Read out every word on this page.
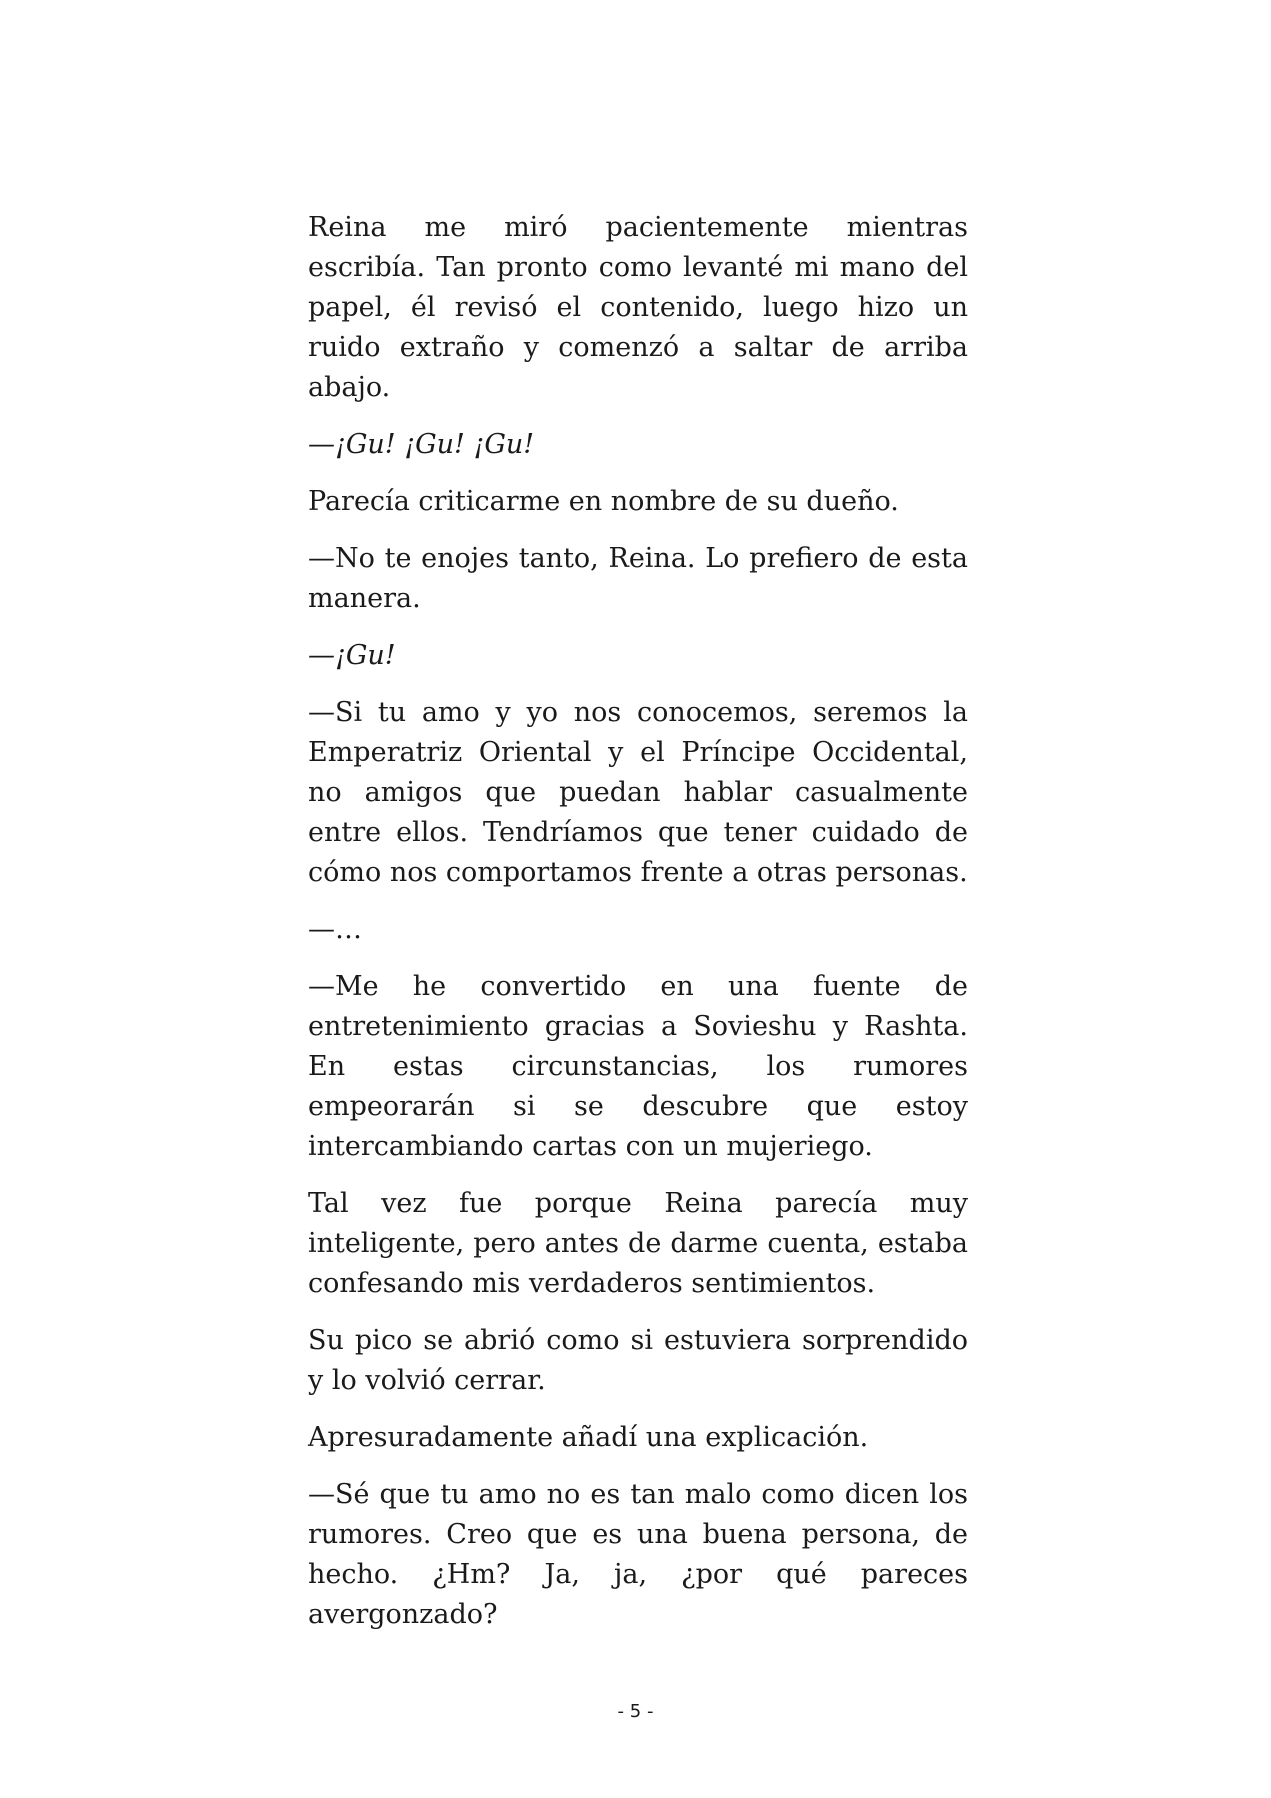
Reina me miró pacientemente mientras escribía. Tan pronto como levanté mi mano del papel, él revisó el contenido, luego hizo un ruido extraño y comenzó a saltar de arriba abajo.

—¡Gu! ¡Gu! ¡Gu!

Parecía criticarme en nombre de su dueño.

—No te enojes tanto, Reina. Lo prefiero de esta manera.

—¡Gu!

—Si tu amo y yo nos conocemos, seremos la Emperatriz Oriental y el Príncipe Occidental, no amigos que puedan hablar casualmente entre ellos. Tendríamos que tener cuidado de cómo nos comportamos frente a otras personas.

—…

—Me he convertido en una fuente de entretenimiento gracias a Sovieshu y Rashta. En estas circunstancias, los rumores empeorarán si se descubre que estoy intercambiando cartas con un mujeriego.

Tal vez fue porque Reina parecía muy inteligente, pero antes de darme cuenta, estaba confesando mis verdaderos sentimientos.

Su pico se abrió como si estuviera sorprendido y lo volvió cerrar.

Apresuradamente añadí una explicación.

—Sé que tu amo no es tan malo como dicen los rumores. Creo que es una buena persona, de hecho. ¿Hm? Ja, ja, ¿por qué pareces avergonzado?

- 5 -
